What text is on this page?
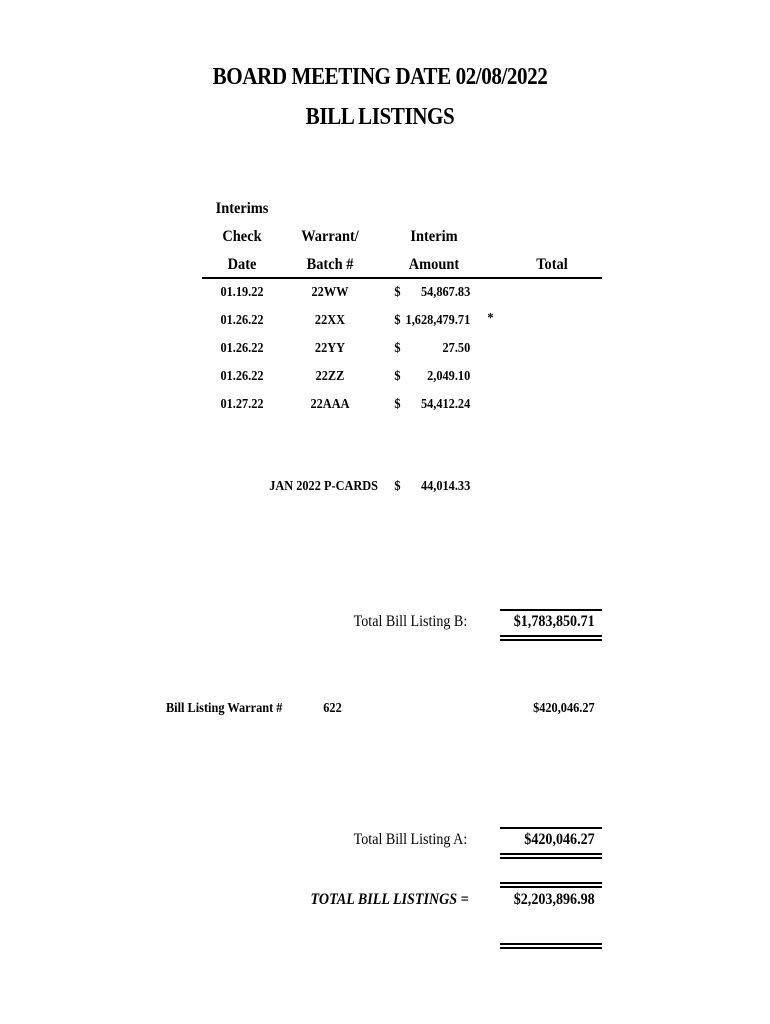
BOARD MEETING DATE 02/08/2022
BILL LISTINGS
Interims
Check
Date
Warrant/
Batch #
Interim
Amount	Total
01.19.22	22WW	$	54,867.83
01.26.22	22XX	$ 1,628,479.71 *
01.26.22	22YY	$	27.50
01.26.22	22ZZ	$	2,049.10
01.27.22	22AAA	$	54,412.24
JAN 2022 P-CARDS $	44,014.33
Total Bill Listing B:	$1,783,850.71
Bill Listing Warrant #	622	$420,046.27
Total Bill Listing A:	$420,046.27
TOTAL BILL LISTINGS =	$2,203,896.98
